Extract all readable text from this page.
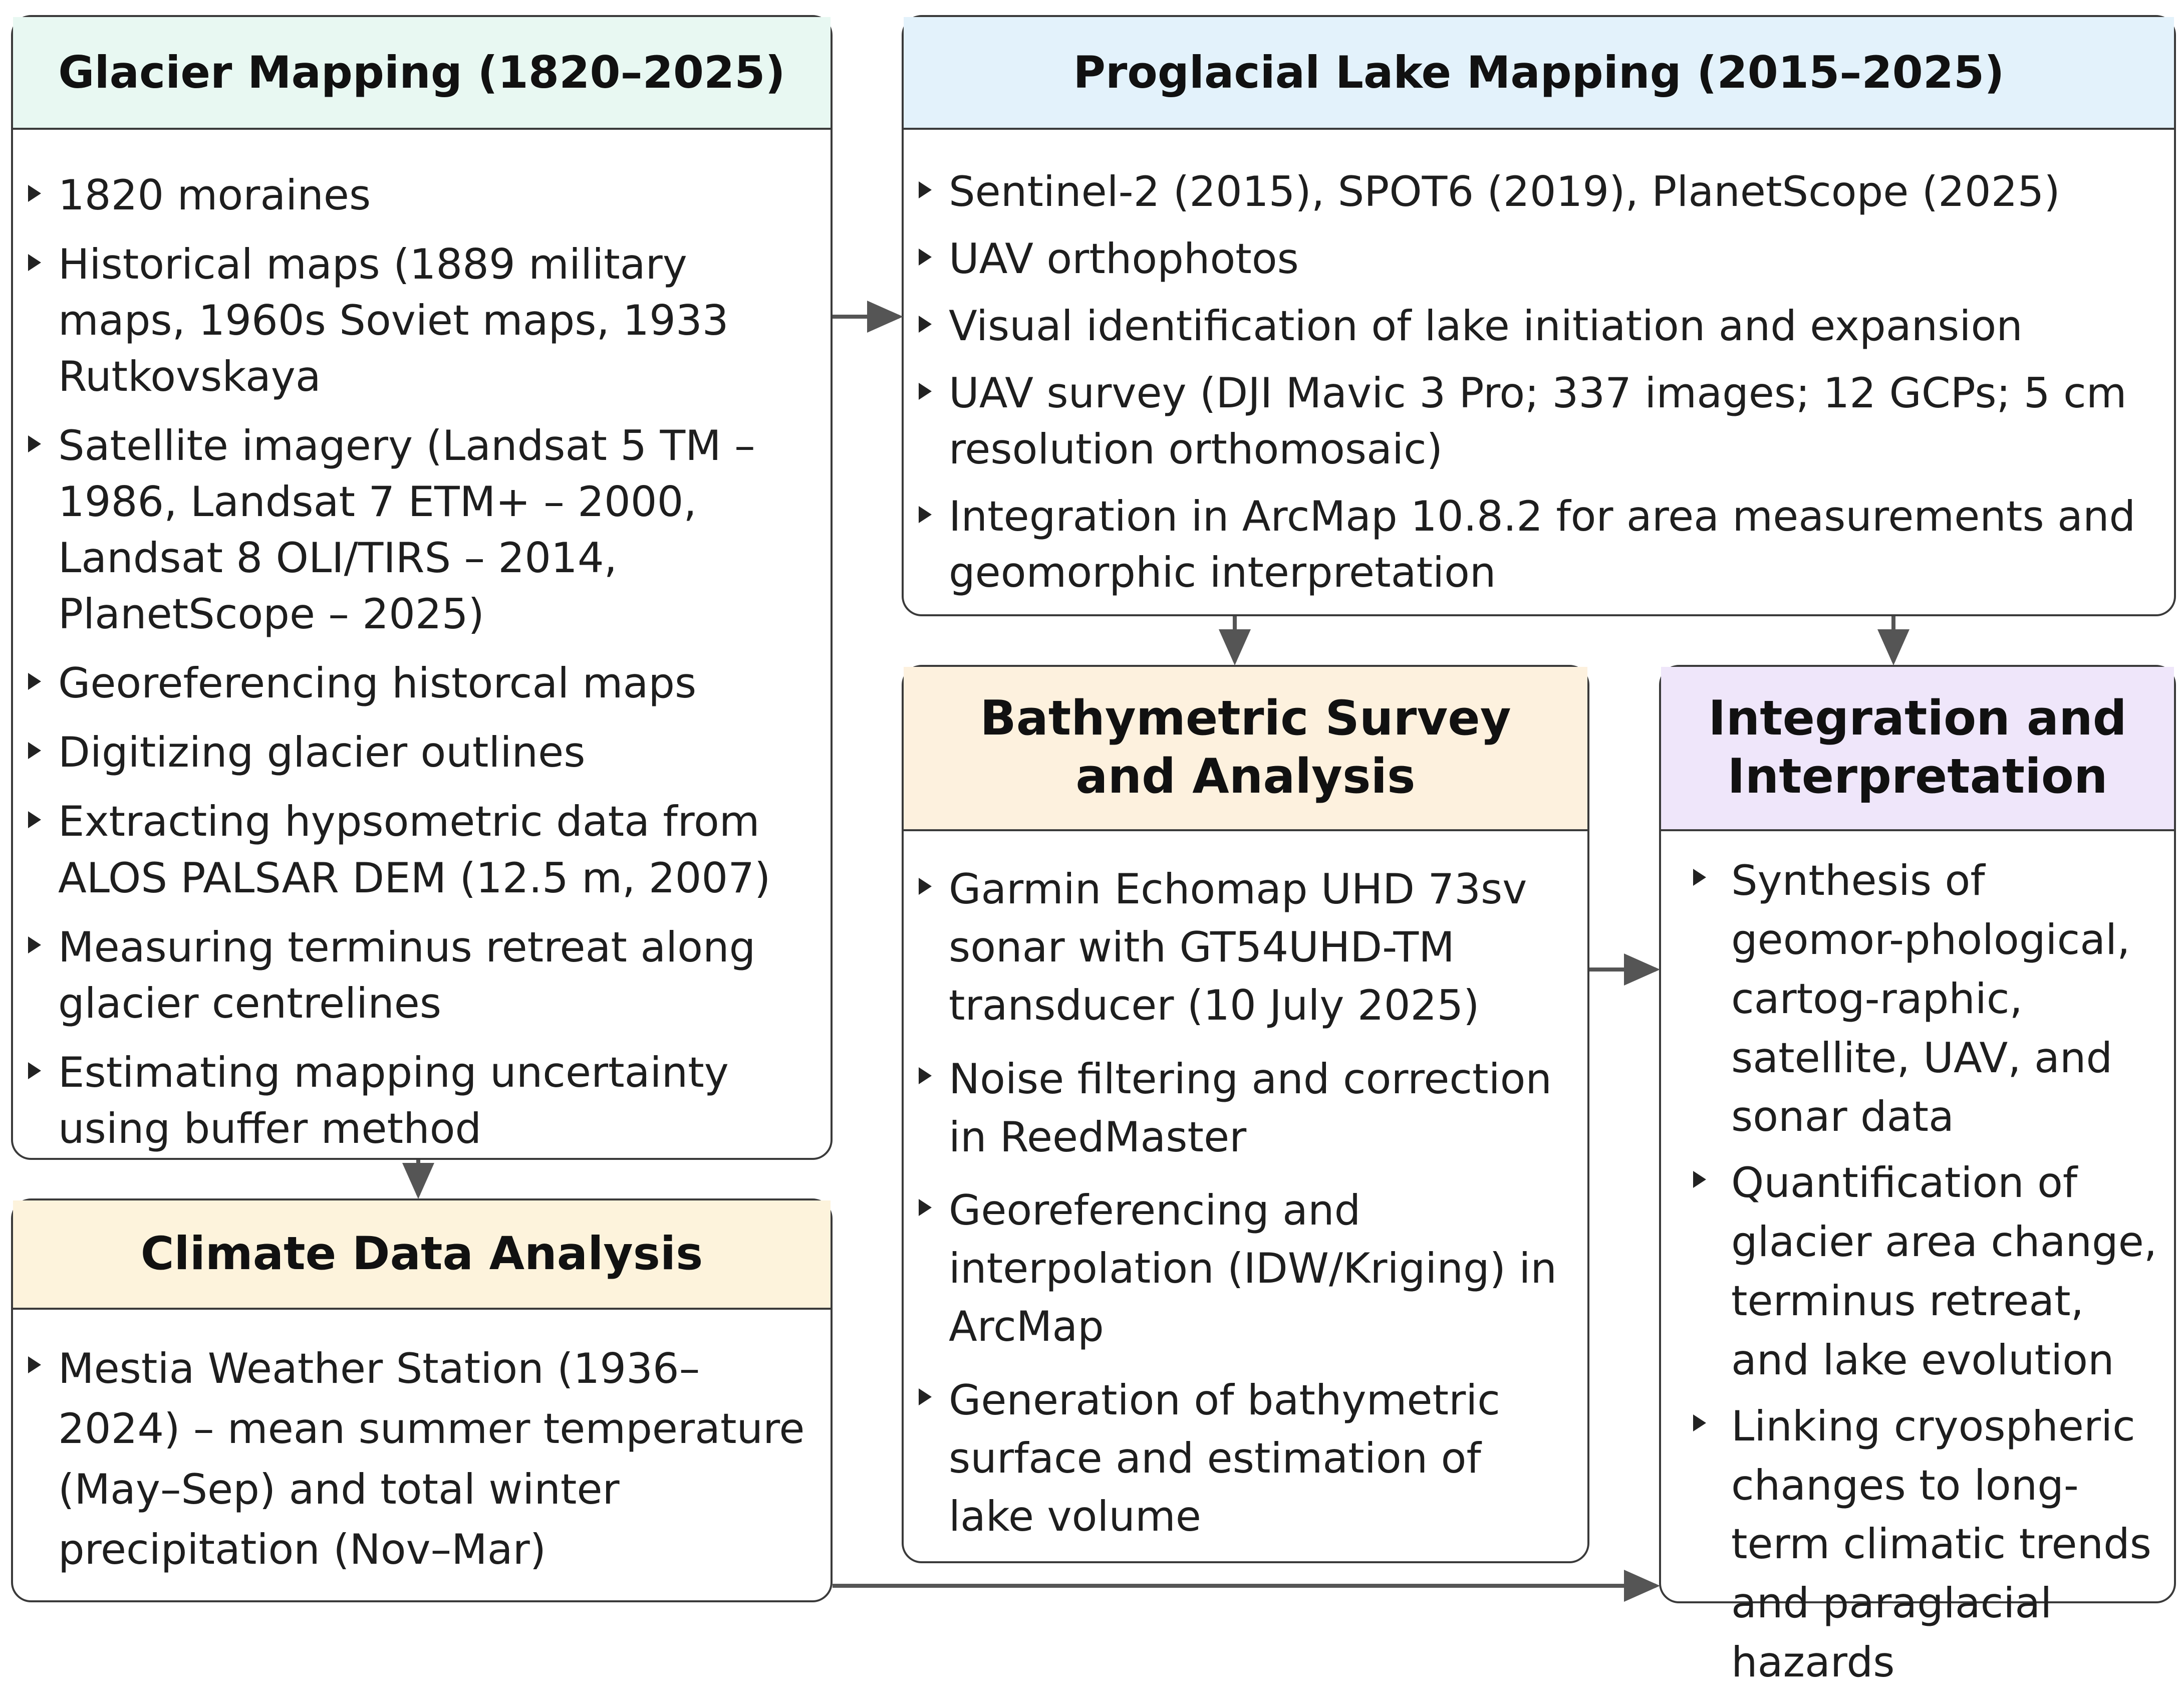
Glacier Mapping (1820–2025)
1820 moraines
Historical maps (1889 military maps, 1960s Soviet maps, 1933 Rutkovskaya
Satellite imagery (Landsat 5 TM – 1986, Landsat 7 ETM+ – 2000, Landsat 8 OLI/TIRS – 2014, PlanetScope – 2025)
Georeferencing historcal maps
Digitizing glacier outlines
Extracting hypsometric data from ALOS PALSAR DEM (12.5 m, 2007)
Measuring terminus retreat along glacier centrelines
Estimating mapping uncertainty using buffer method
Climate Data Analysis
Mestia Weather Station (1936–2024) – mean summer temperature (May–Sep) and total winter precipitation (Nov–Mar)
Proglacial Lake Mapping (2015–2025)
Sentinel-2 (2015), SPOT6 (2019), PlanetScope (2025)
UAV orthophotos
Visual identification of lake initiation and expansion
UAV survey (DJI Mavic 3 Pro; 337 images; 12 GCPs; 5 cm resolution orthomosaic)
Integration in ArcMap 10.8.2 for area measurements and geomorphic interpretation
Bathymetric Survey
and Analysis
Garmin Echomap UHD 73sv sonar with GT54UHD-TM transducer (10 July 2025)
Noise filtering and correction in ReedMaster
Georeferencing and interpolation (IDW/Kriging) in ArcMap
Generation of bathymetric surface and estimation of lake volume
Integration and
Interpretation
Synthesis of geomor-phological, cartog-raphic, satellite, UAV, and sonar data
Quantification of glacier area change, terminus retreat, and lake evolution
Linking cryospheric changes to long-term climatic trends and paraglacial hazards
